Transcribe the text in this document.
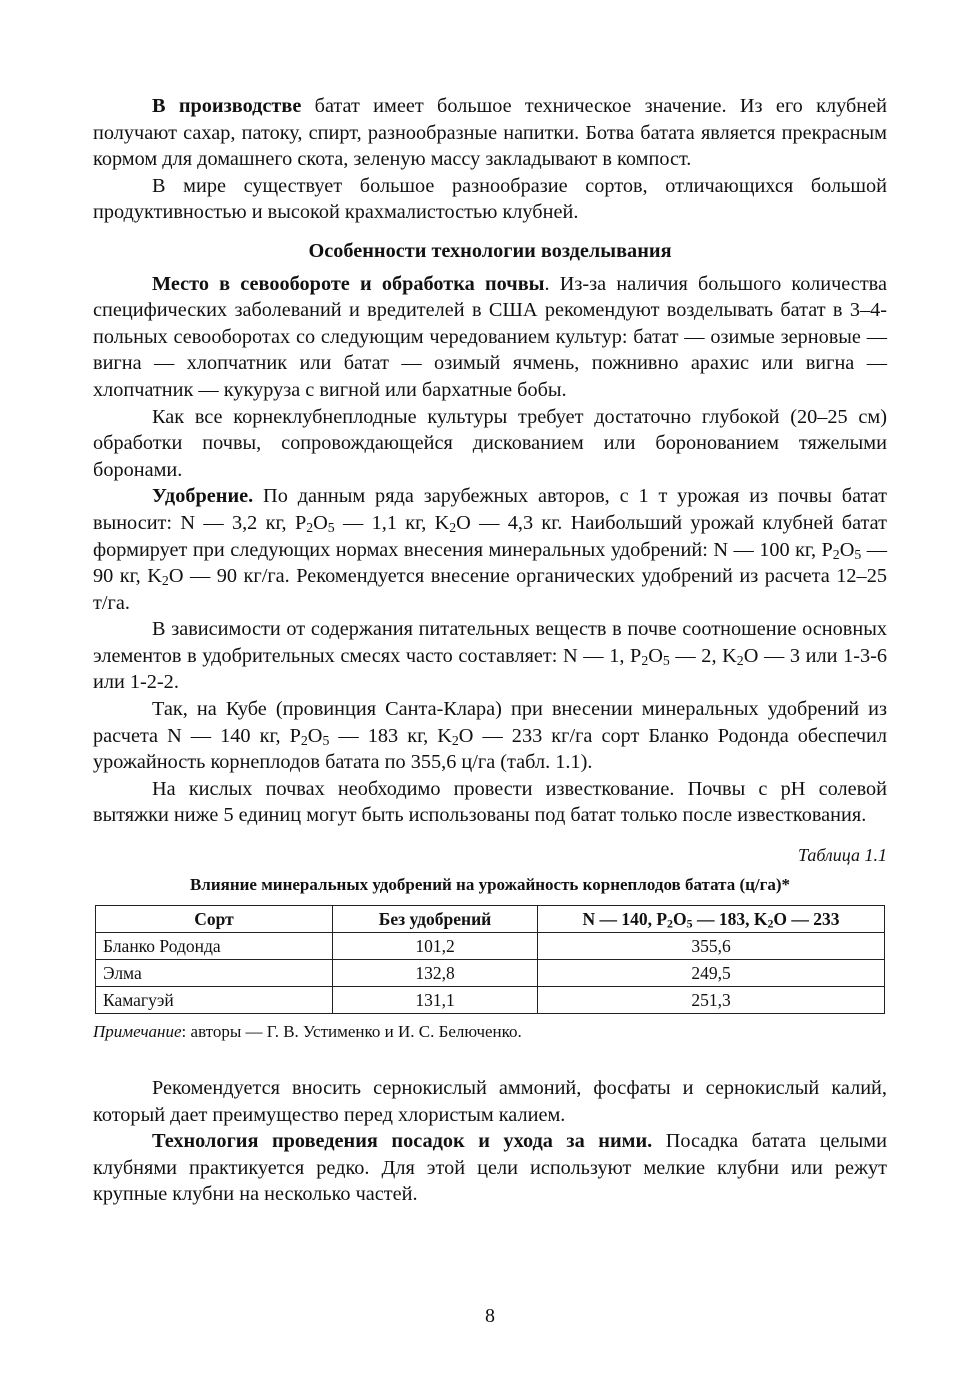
В производстве батат имеет большое техническое значение. Из его клубней получают сахар, патоку, спирт, разнообразные напитки. Ботва батата является прекрасным кормом для домашнего скота, зеленую массу закладывают в компост.

В мире существует большое разнообразие сортов, отличающихся большой продуктивностью и высокой крахмалистостью клубней.

Особенности технологии возделывания

Место в севообороте и обработка почвы. Из-за наличия большого количества специфических заболеваний и вредителей в США рекомендуют возделывать батат в 3–4-польных севооборотах со следующим чередованием культур: батат — озимые зерновые — вигна — хлопчатник или батат — озимый ячмень, пожнивно арахис или вигна — хлопчатник — кукуруза с вигной или бархатные бобы.

Как все корнеклубнеплодные культуры требует достаточно глубокой (20–25 см) обработки почвы, сопровождающейся дискованием или боронованием тяжелыми боронами.

Удобрение. По данным ряда зарубежных авторов, с 1 т урожая из почвы батат выносит: N — 3,2 кг, $P_2O_5$ — 1,1 кг, $K_2O$ — 4,3 кг. Наибольший урожай клубней батат формирует при следующих нормах внесения минеральных удобрений: N — 100 кг, $P_2O_5$ — 90 кг, $K_2O$ — 90 кг/га. Рекомендуется внесение органических удобрений из расчета 12–25 т/га.

В зависимости от содержания питательных веществ в почве соотношение основных элементов в удобрительных смесях часто составляет: N — 1, $P_2O_5$ — 2, $K_2O$ — 3 или 1-3-6 или 1-2-2.

Так, на Кубе (провинция Санта-Клара) при внесении минеральных удобрений из расчета N — 140 кг, $P_2O_5$ — 183 кг, $K_2O$ — 233 кг/га сорт Бланко Родонда обеспечил урожайность корнеплодов батата по 355,6 ц/га (табл. 1.1).

На кислых почвах необходимо провести известкование. Почвы с pH солевой вытяжки ниже 5 единиц могут быть использованы под батат только после известкования.

Таблица 1.1
Влияние минеральных удобрений на урожайность корнеплодов батата (ц/га)*
Сорт	Без удобрений	N — 140, $P_2O_5$ — 183, $K_2O$ — 233
Бланко Родонда	101,2	355,6
Элма	132,8	249,5
Камагуэй	131,1	251,3

Примечание: авторы — Г. В. Устименко и И. С. Белюченко.

Рекомендуется вносить сернокислый аммоний, фосфаты и сернокислый калий, который дает преимущество перед хлористым калием.

Технология проведения посадок и ухода за ними. Посадка батата целыми клубнями практикуется редко. Для этой цели используют мелкие клубни или режут крупные клубни на несколько частей.

8
